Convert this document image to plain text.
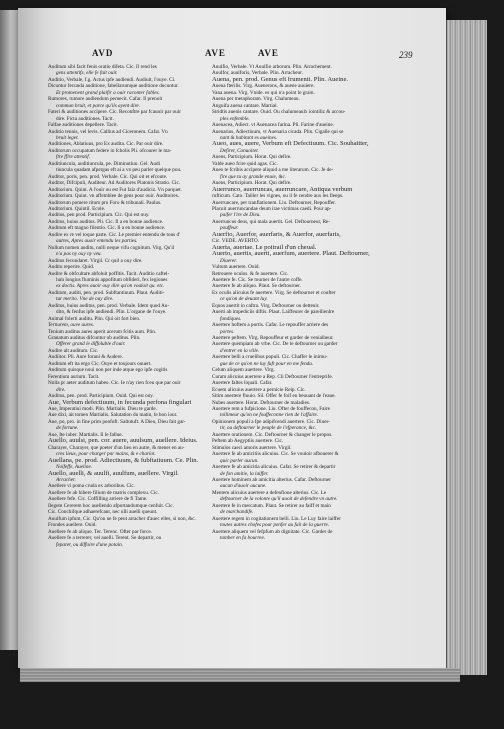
AVD	AVE	AVE	239
Auditum sibi facit fenis oratio difeta. Cic. Il rend les
gens attentifs, elle fe fait ouir.
Auditio, Verbale, f.g. Actus ipfe audiendi. Audiuit, l'ouye. Ci.
Dicuntur fecunda auditione, fabellarumque auditione ducuntur.
Et promenent grand plaifir a ouir raconter fables.
Rumores, rumore audiendum pernecit. Cafar. Il prenoit
commun bruit, et parce qu'ils ayent dire.
Fateri & auditiones accipere. Cic. Reconftre par fcauoir par ouir
dire. Ficta auditiones. Tacit.
Falfae auditiones depellere. Tacit.
Auditio tennis, vel levis. Callius ad Ciceronem. Cafar. Vn
bruit leger.
Auditiones, Ablatiuus, pro Ex audita. Cic. Par ouir dire.
Auditorum occupatum federe in fcholis Pli. ofcourer le ma-
ftre ffire attentif.
Auditiuncula, auditiuncula, pe. Diminutiuo. Gel. Audi
tiuncula quadam afpergas eft ai a vn peu parler quelque pou.
Auditor, poris, pen. prod. Verbale. Cic. Qui oit et efcoute.
Auditor, Difcipuli, Auditeur. Ad Auditores Platonis Stratio. Cic.
Auditorium. Quint. A l'ouir ou est Fut faiz d'audiciz. Vn parquet.
Auditorium. Quint. vn affemblee de gens pour ouir. Auditoires.
Auditorum pomere ritum pro Foro & tribunali. Paulus.
Auditorium. Quintil. Ecole.
Auditus, pen prod. Participium. Cic. Qui est ouy.
Auditus, huius auditus. Pli. Cic. Il a en bonne audience.
Auditum eft magno filentio. Cic. Il a en bonne audience.
Audire ex re vel toque parte. Cic. Le premier entendu de tous d'
autres, Apres auoir entendu les parties.
Nullum nomen auditu, nulli neque vifu cognitum. Virg. Qu'il
n'a pas ny ouy ny veu.
Auditus fecundaret. Virgil. Cr quil a ouy dire.
Auditu reperire. Quid.
Audire & obfcultare abfoluit poffitis. Tacit. Auditio caftel-
lum longius fluminis appofitum obfideri, fex legiones
ex doctis. Apres auoir ouy dire qu'on vouloit qu. etc.
Auditum, auditi, pen. prod. Subftantiuum. Plaut. Auditi-
tur merito. Vne de ouy dire.
Auditus, huius auditus, pen. prod. Verbale. Idem quod Au-
dito, & fenfus ipfe audiendi. Plin. L'organe de l'ouye.
Animal folerti auditu. Plin. Qui oit fort bien.
Ternurem, ouve aures.
Tenium auditus aures aperit acerum fcitis aum. Plin.
Granatum auditus difcuntur ob auditus. Plin.
Offerer grand le diffoluble d'ouir.
Audire alt auditum. Cic.
Audiitor. Pli. Aure forani & Audere.
Auditum eft ita ergo Cic. Ouye et toujours ouuert.
Anditum quisque noui non per inde atque ego ipfe cogitis
Ferentium aurium. Tacit.
Nulla pr aeter auditum habeo. Cic. Ie n'ay rien fceu que par ouir
dire.
Auditus, pen. prod. Participium. Ouid. Qui est ouy.
Aue, Verbum defectiuum, in fecunda perfona fingulari
Aue, Imperatiui modi. Plin. Martialis. Dieu te garde.
Aue dixi, ait tomen Martialis. Salutation du matin, le bon iour.
Aue, po, pro. in fine prim ponfuft. Saltutuft. A Dieu, Dieu fait gar-
de fortune.
Aue, Ite iuber. Martialis. Il le fallue.
Auello, auulsi, pen. cor. auere, auulsum, auellere. Ideius.
Charayer, Charayer, que poeter d'un lieu en autre, & mener en au-
cres lieux, pour charger par mains, & e chariot.
Auellana, pe. prod. Adiectiuum, & fubftatiuum. Ce. Plin.
Noifeffe, Aueline.
Auello, auelli, & auulfi, auulfum, auellere. Virgil.
Arracher.
Auellere vi poma cruda ex arboribus. Cic.
Auellere fe ab hibere filium de matris complexu. Cic.
Auellere fefe. Cic. Coffilling arriere de fi Tame.
Ilegem Cererem hoc auellendo afportandumque cenfuit. Cic.
Cic. Conchifque adhaerefcant, nec ulli auelli queunt.
Auulfum ipfum, Cic. Qu'on ne fe peut arracher d'auec elles, si non, &c.
Frondes auellere. Ouid.
Auellere fe ab aliquo. Ter. Terenc. Ofter par force.
Auellere fe a terrerer, vel auelli. Terent. Se departir, ou
feparer, ou diffoire d'une potain.
Auulfio, Verbale. Vt Auulfio arborum. Plin. Arrachement.
Auulfor, auulforis, Verbale. Plin. Arracheur.
Auena, pen. prod. Genus eft frumenti. Plin. Aueine.
Auena fterilis. Virg. Auenerons, & auene auuiere.
Vana auena. Virg. Vnide. es qui n'a point le grain.
Auena per metaphoram. Virg. Chalumeau.
Anguifa auena cantare. Martial.
Stridtis auenis cantare. Ouid. Ou chalumeaulx iointiliz & accou-
ples enfemble.
Auenacea, Adiect. vt Auenacea farina. Pli. Farine d'aueine.
Auenarius, Adiectiuum, vt Auenaria cicada. Plin. Cigalle qui se
nant & habitant es aueines.
Aueo, aues, auere, Verbum eft Defectiuum. Cic. Souhaitter,
Defirer, Conuoiter.
Auens, Participium. Horat. Qui defire.
Valde aueo fcire quid agas. Cic.
Aueo te fcribis accipere aliquid a me literarum. Cic. Je de-
fire que tu ay grande enuie, &c.
Auens, Participium. Horat. Qui defire.
Auerrunco, auerruncas, auerruncare, Antiqua verbum
rufticum. Cato. Tailler les vignes, ou il fe cendre aux les fleeps.
Auerruncare, per tranflationem. Liu. Deftourner, Repouffer.
Placuit auerruncandae deum irae victimas caedi. Pour ap-
paifer l'ire de Dieu.
Auerruncus deus, qui mala auertit. Gel. Deftourneur, Re-
pouffeur.
Auerfio, Auerfor, auerfaris, & Auerfor, auerfaris,
Cic. VEDE. AVERTO.
Auerta, auertae. Le poitrail d'un cheual.
Auerto, auertis, auerti, auerfum, auertere. Plaut. Deftourner,
Diuerer.
Vultum auertere. Ouid.
Retrouere oculos. & fe auertere. Cic.
Auertere fe. Cic. Se tourner de l'autre coffe.
Auertere fe ab aliquo. Plaut. Se deftourner.
Ex oculis alicuius fe auertere. Virg. Se deftourner et coufter
ce qu'on de deuant luy.
Equos auertit in caftra. Virg. Deftourner ou dettenir.
Auerti ab impediciis diftis. Plaut. Laiffeurer de parellienlre
fondiques.
Auertere hoftem a portis. Cafar. Le repouffer arriere des
portes.
Auertere peftem. Virg. Repouffeur et garder de venialheur.
Auertere quempiam ab vrbe. Cic. De le deftourner ou garder
d'entrer en la ville.
Auertere belli a cruelibus populi. Cic. Chaffer le inimu-
gue de ce qu'on ne luy fuft pour en me fendu.
Celum aliquem auertere. Virg.
Curam alicuius auertere a Rep. Cli Deftourner l'entreprife.
Auertere faltes liquali. Cafar.
Ecuem alicuius auertere a pernicie Reip. Cic.
Sitim auertere fluuio. Sil. Offer fe foif en beuuant de l'eaue.
Nubes auertere. Horat. Deftourner de maladies.
Auertere rem a fufpicione. Liu. Ofter de fouffecon, Faire
tollimeur qu'on ne fouffeconne rien de l'affaire.
Opinionem populi a fpe adipifcendi auertere. Cic. Diuer-
tir, ou deftourner le peuple de l'efperance, &c.
Auertere orationem. Cic. Deftourner & changer le propos.
Peftem ab Aegyptiis auertere. Cic.
Stimulos caeci amoris auertere. Virgil.
Auertere fe ab amicitiis alicuius. Cic. Se vouloir afbouerer &
quic parler aucun.
Auertere fe ab amicitia alicuius. Cafar. Se retirer & departir
de fon amitie, la laiffer.
Auertere hominem ab amicitia alterius. Cafar. Deftourner
aucun d'auoir aucune.
Mentem alicuius auertere a defenfione alterius. Cic. Le
deftourner de la volonte qu'il auoit de defendre vn autre.
Auertere fe in mercatum. Plaut. Se retirer au faiff et main
de marchandife.
Auertere regem in cogitationem belli. Liu. Le Luy faire laiffer
toutes autres chofes pour penfer au fait de la guerre.
Auertere aliquem vel fefpfum ab dignitate. Cic. Garder de
tomber en fa bourree.
